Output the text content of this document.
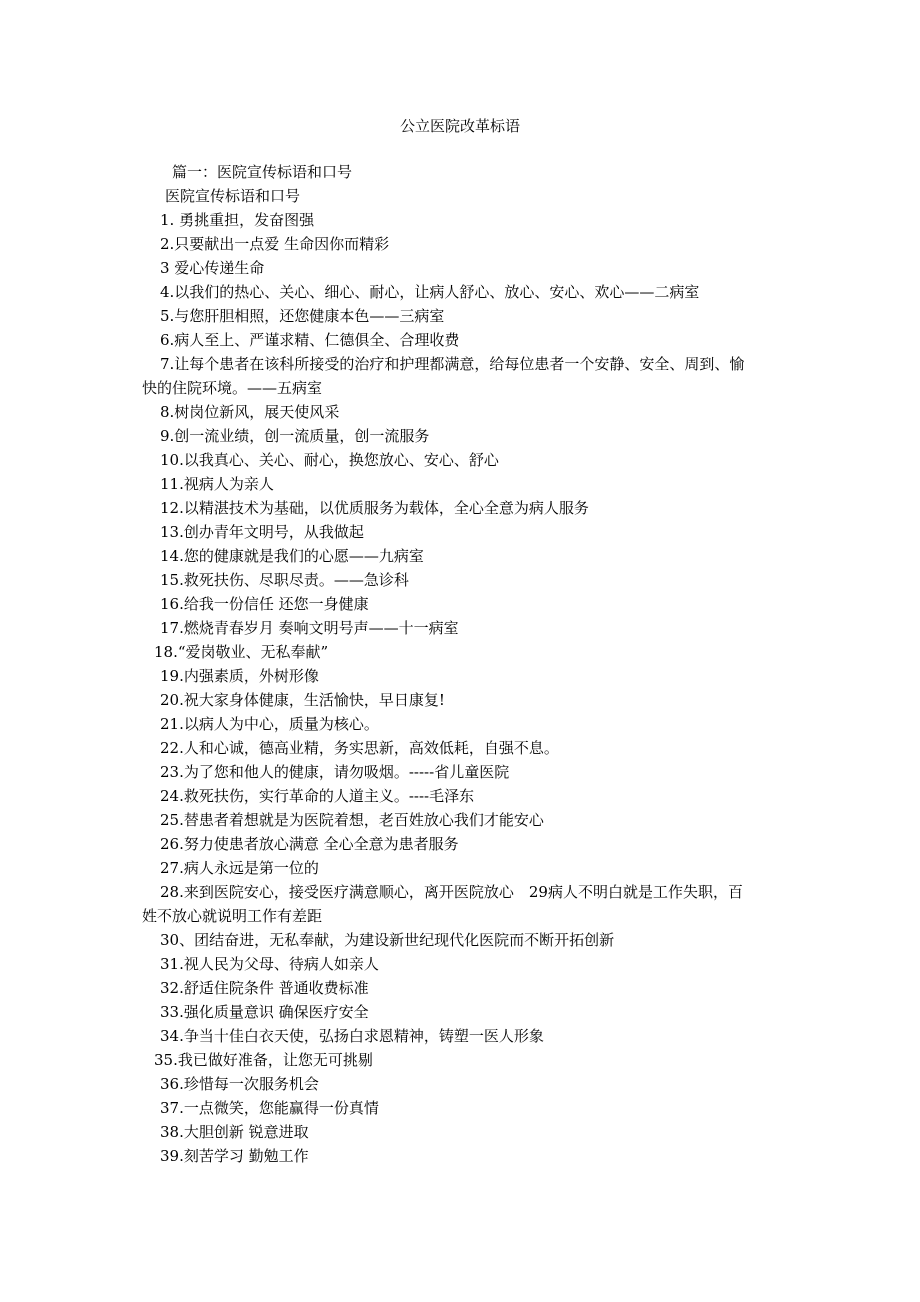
公立医院改革标语
篇一：医院宣传标语和口号
医院宣传标语和口号
1. 勇挑重担，发奋图强
2.只要献出一点爱 生命因你而精彩
3 爱心传递生命
4.以我们的热心、关心、细心、耐心，让病人舒心、放心、安心、欢心——二病室
5.与您肝胆相照，还您健康本色——三病室
6.病人至上、严谨求精、仁德俱全、合理收费
7.让每个患者在该科所接受的治疗和护理都满意，给每位患者一个安静、安全、周到、愉
快的住院环境。——五病室
8.树岗位新风，展天使风采
9.创一流业绩，创一流质量，创一流服务
10.以我真心、关心、耐心，换您放心、安心、舒心
11.视病人为亲人
12.以精湛技术为基础，以优质服务为载体，全心全意为病人服务
13.创办青年文明号，从我做起
14.您的健康就是我们的心愿——九病室
15.救死扶伤、尽职尽责。——急诊科
16.给我一份信任 还您一身健康
17.燃烧青春岁月 奏响文明号声——十一病室
18.“爱岗敬业、无私奉献”
19.内强素质，外树形像
20.祝大家身体健康，生活愉快，早日康复!
21.以病人为中心，质量为核心。
22.人和心诚，德高业精，务实思新，高效低耗，自强不息。
23.为了您和他人的健康，请勿吸烟。-----省儿童医院
24.救死扶伤，实行革命的人道主义。----毛泽东
25.替患者着想就是为医院着想，老百姓放心我们才能安心
26.努力使患者放心满意 全心全意为患者服务
27.病人永远是第一位的
28.来到医院安心，接受医疗满意顺心，离开医院放心　29病人不明白就是工作失职，百
姓不放心就说明工作有差距
30、团结奋进，无私奉献，为建设新世纪现代化医院而不断开拓创新
31.视人民为父母、待病人如亲人
32.舒适住院条件 普通收费标准
33.强化质量意识 确保医疗安全
34.争当十佳白衣天使，弘扬白求恩精神，铸塑一医人形象
35.我已做好准备，让您无可挑剔
36.珍惜每一次服务机会
37.一点微笑，您能赢得一份真情
38.大胆创新 锐意进取
39.刻苦学习 勤勉工作
